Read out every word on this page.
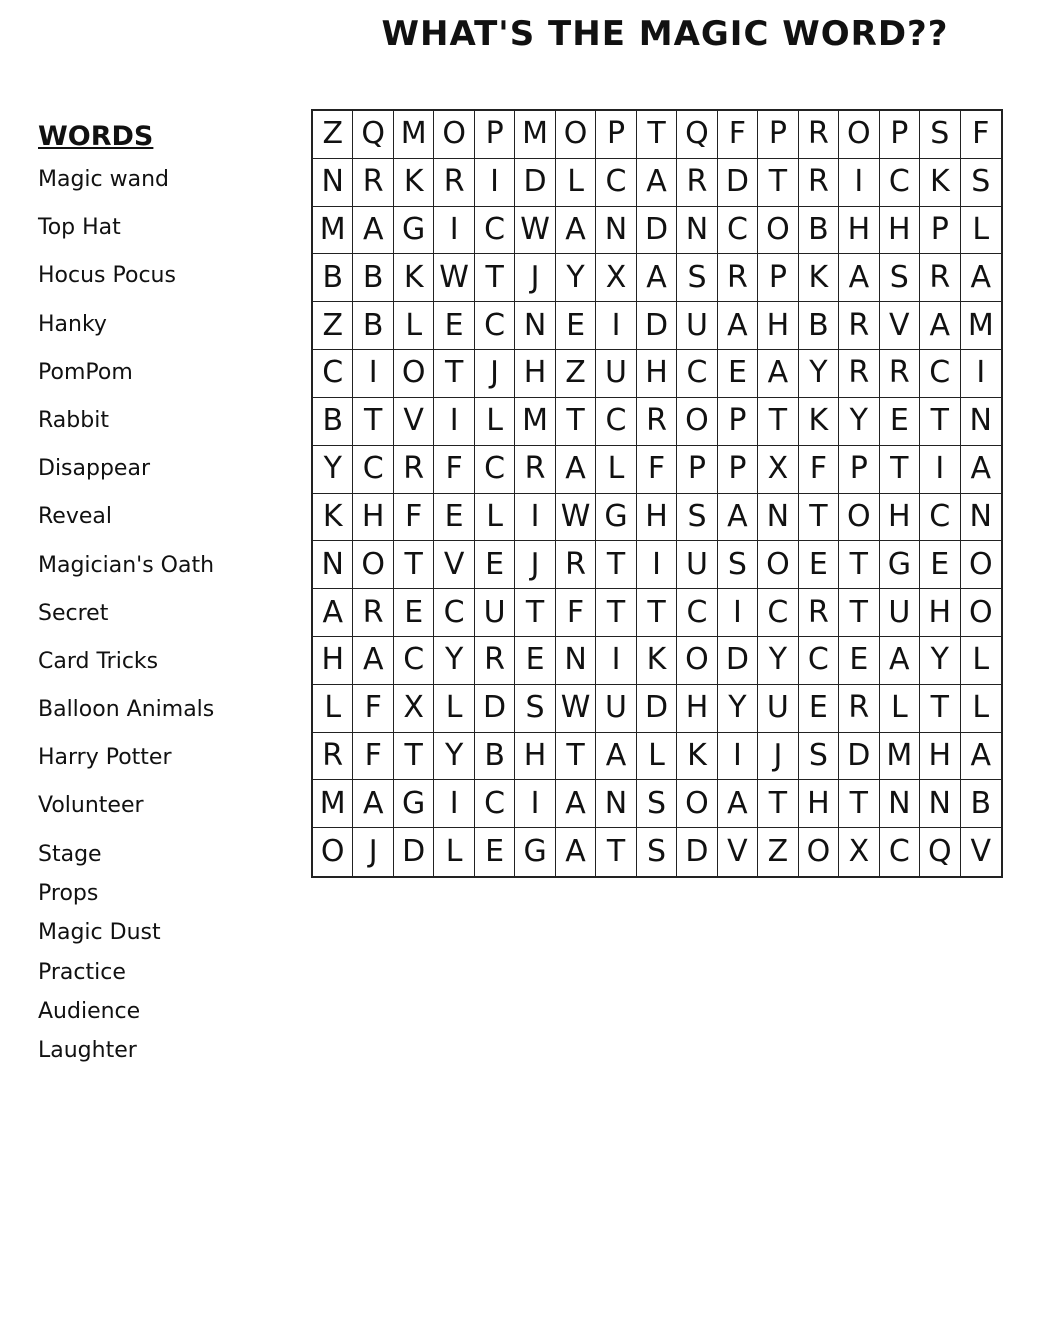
WHAT'S THE MAGIC WORD??
WORDS
Magic wand
Top Hat
Hocus Pocus
Hanky
PomPom
Rabbit
Disappear
Reveal
Magician's Oath
Secret
Card Tricks
Balloon Animals
Harry Potter
Volunteer
Stage
Props
Magic Dust
Practice
Audience
Laughter
Z Q M O P M O P T Q F P R O P S F
N R K R I D L C A R D T R I C K S
M A G I C W A N D N C O B H H P L
B B K W T J Y X A S R P K A S R A
Z B L E C N E I D U A H B R V A M
C I O T J H Z U H C E A Y R R C I
B T V I L M T C R O P T K Y E T N
Y C R F C R A L F P P X F P T I A
K H F E L I W G H S A N T O H C N
N O T V E J R T I U S O E T G E O
A R E C U T F T T C I C R T U H O
H A C Y R E N I K O D Y C E A Y L
L F X L D S W U D H Y U E R L T L
R F T Y B H T A L K I	J S D M H A
M A G I C I A N S O A T H T N N B
O J D L E G A T S D V Z O X C Q V
